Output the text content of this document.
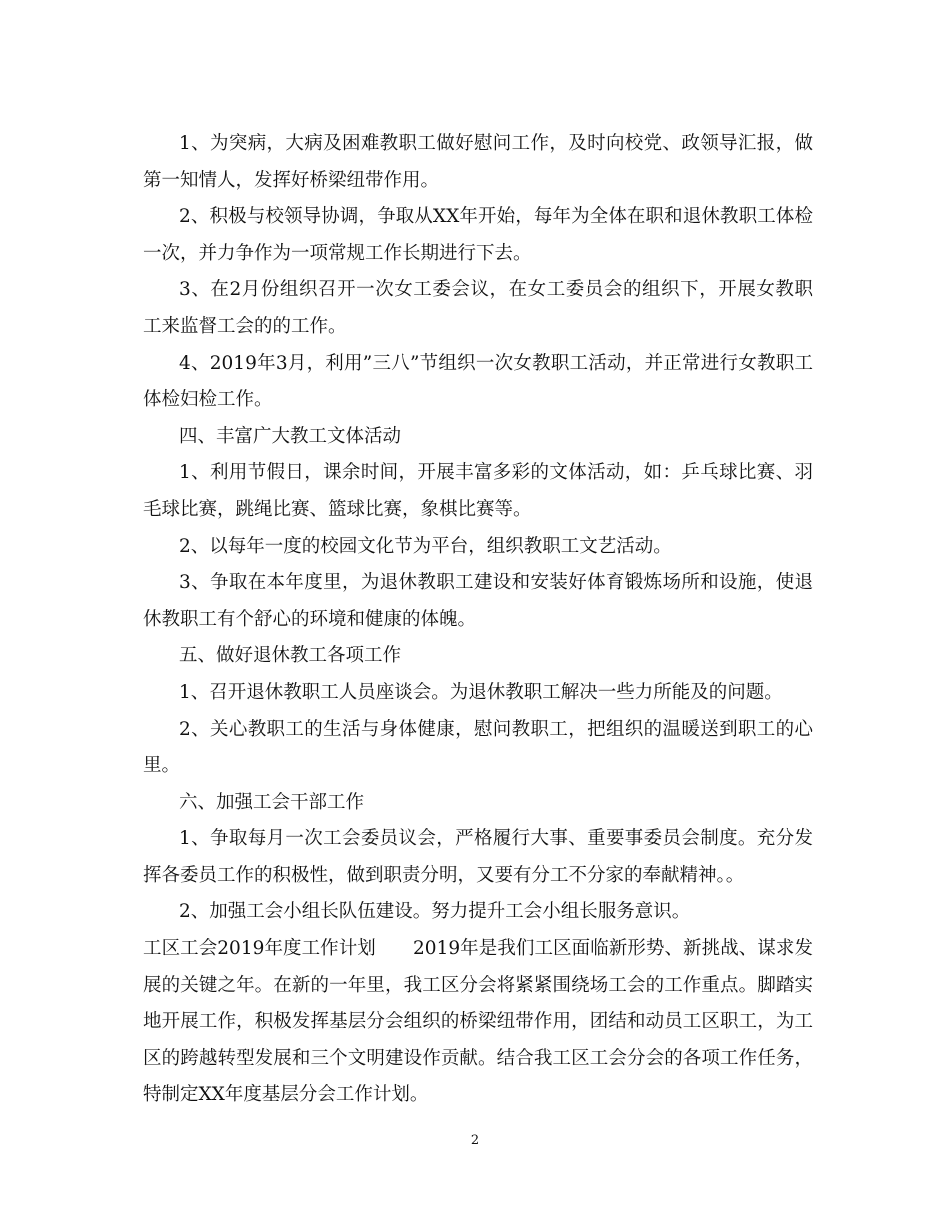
1、为突病，大病及困难教职工做好慰问工作，及时向校党、政领导汇报，做第一知情人，发挥好桥梁纽带作用。

2、积极与校领导协调，争取从XX年开始，每年为全体在职和退休教职工体检一次，并力争作为一项常规工作长期进行下去。

3、在2月份组织召开一次女工委会议，在女工委员会的组织下，开展女教职工来监督工会的的工作。

4、2019年3月，利用”三八”节组织一次女教职工活动，并正常进行女教职工体检妇检工作。

四、丰富广大教工文体活动

1、利用节假日，课余时间，开展丰富多彩的文体活动，如：乒乓球比赛、羽毛球比赛，跳绳比赛、篮球比赛，象棋比赛等。

2、以每年一度的校园文化节为平台，组织教职工文艺活动。

3、争取在本年度里，为退休教职工建设和安装好体育锻炼场所和设施，使退休教职工有个舒心的环境和健康的体魄。

五、做好退休教工各项工作

1、召开退休教职工人员座谈会。为退休教职工解决一些力所能及的问题。

2、关心教职工的生活与身体健康，慰问教职工，把组织的温暖送到职工的心里。

六、加强工会干部工作

1、争取每月一次工会委员议会，严格履行大事、重要事委员会制度。充分发挥各委员工作的积极性，做到职责分明，又要有分工不分家的奉献精神。。

2、加强工会小组长队伍建设。努力提升工会小组长服务意识。

工区工会2019年度工作计划　　2019年是我们工区面临新形势、新挑战、谋求发展的关键之年。在新的一年里，我工区分会将紧紧围绕场工会的工作重点。脚踏实地开展工作，积极发挥基层分会组织的桥梁纽带作用，团结和动员工区职工，为工区的跨越转型发展和三个文明建设作贡献。结合我工区工会分会的各项工作任务，特制定XX年度基层分会工作计划。

2
